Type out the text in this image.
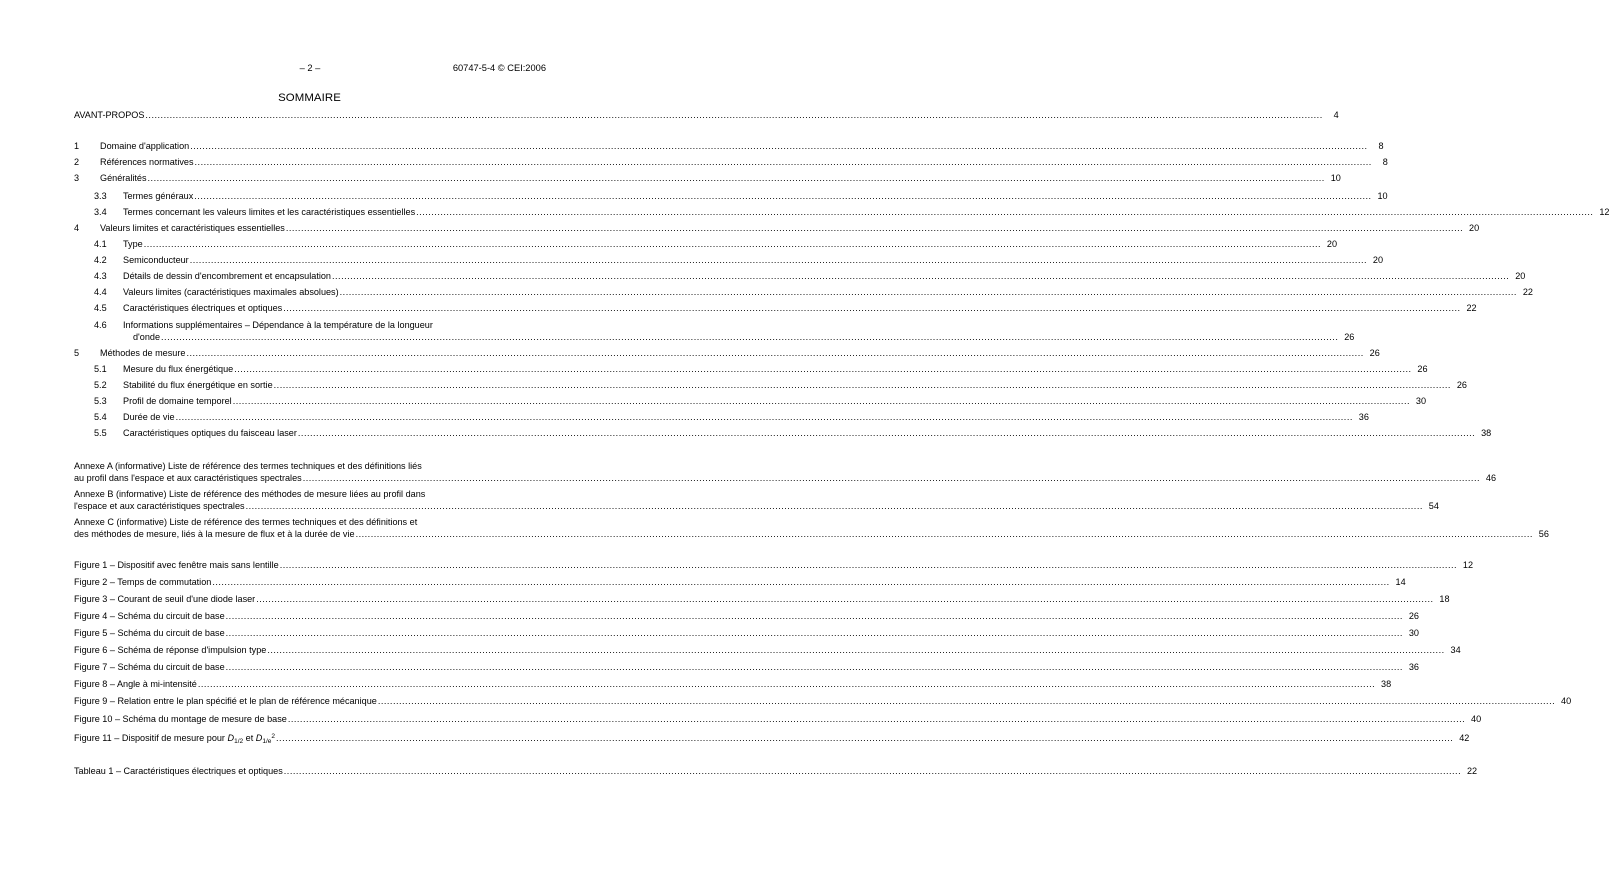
– 2 –	60747-5-4 © CEI:2006
SOMMAIRE
AVANT-PROPOS .....	4
1	Domaine d'application .....	8
2	Références normatives .....	8
3	Généralités .....	10
3.3	Termes généraux .....	10
3.4	Termes concernant les valeurs limites et les caractéristiques essentielles .....	12
4	Valeurs limites et caractéristiques essentielles .....	20
4.1	Type .....	20
4.2	Semiconducteur .....	20
4.3	Détails de dessin d'encombrement et encapsulation .....	20
4.4	Valeurs limites (caractéristiques maximales absolues) .....	22
4.5	Caractéristiques électriques et optiques .....	22
4.6	Informations supplémentaires – Dépendance à la température de la longueur
d'onde .....	26
5	Méthodes de mesure .....	26
5.1	Mesure du flux énergétique .....	26
5.2	Stabilité du flux énergétique en sortie .....	26
5.3	Profil de domaine temporel .....	30
5.4	Durée de vie .....	36
5.5	Caractéristiques optiques du faisceau laser .....	38
Annexe A (informative) Liste de référence des termes techniques et des définitions liés
au profil dans l'espace et aux caractéristiques spectrales .....	46
Annexe B (informative) Liste de référence des méthodes de mesure liées au profil dans
l'espace et aux caractéristiques spectrales .....	54
Annexe C (informative) Liste de référence des termes techniques et des définitions et
des méthodes de mesure, liés à la mesure de flux et à la durée de vie .....	56
Figure 1 – Dispositif avec fenêtre mais sans lentille .....	12
Figure 2 – Temps de commutation .....	14
Figure 3 – Courant de seuil d'une diode laser .....	18
Figure 4 – Schéma du circuit de base .....	26
Figure 5 – Schéma du circuit de base .....	30
Figure 6 – Schéma de réponse d'impulsion type .....	34
Figure 7 – Schéma du circuit de base .....	36
Figure 8 – Angle à mi-intensité .....	38
Figure 9 – Relation entre le plan spécifié et le plan de référence mécanique .....	40
Figure 10 – Schéma du montage de mesure de base .....	40
Figure 11 – Dispositif de mesure pour $D_{1/2}$ et $D_{1/e}^2$ .....	42
Tableau 1 – Caractéristiques électriques et optiques .....	22
